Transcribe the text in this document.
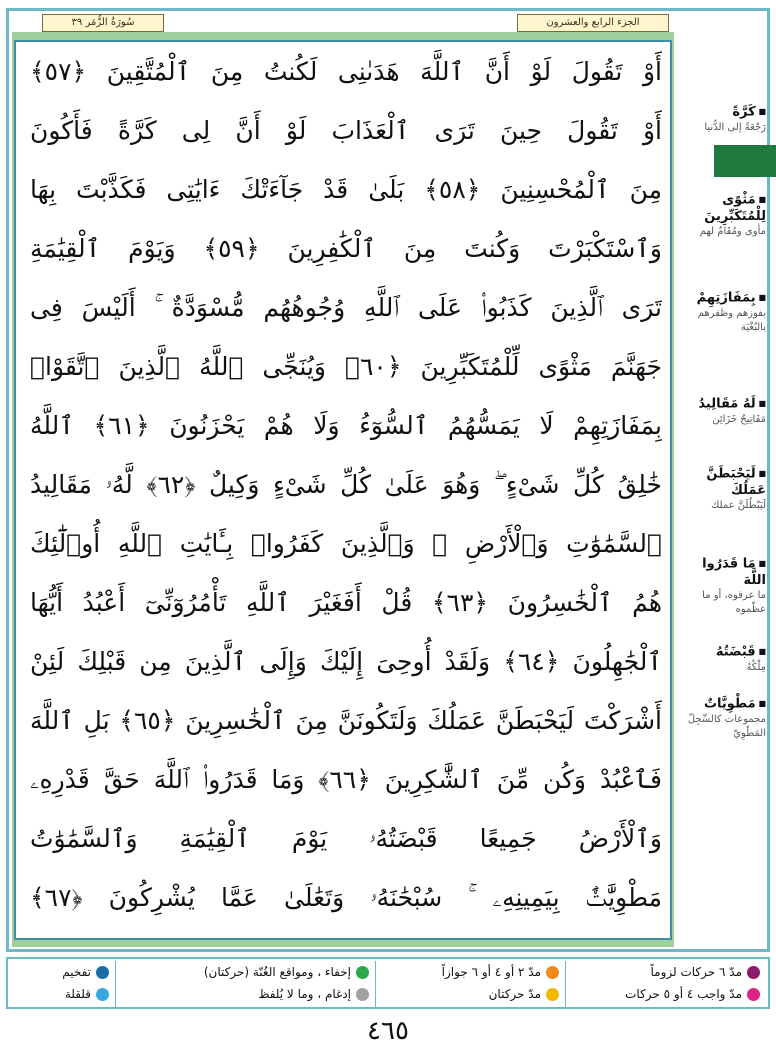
سُورَةُ الزُّمَر ٣٩	الجزء الرابع والعشرون
أَوْ تَقُولَ لَوْ أَنَّ ٱللَّهَ هَدَىٰنِى لَكُنتُ مِنَ ٱلْمُتَّقِينَ ﴿٥٧﴾
أَوْ تَقُولَ حِينَ تَرَى ٱلْعَذَابَ لَوْ أَنَّ لِى كَرَّةً فَأَكُونَ
مِنَ ٱلْمُحْسِنِينَ ﴿٥٨﴾ بَلَىٰ قَدْ جَآءَتْكَ ءَايَٰتِى فَكَذَّبْتَ بِهَا
وَٱسْتَكْبَرْتَ وَكُنتَ مِنَ ٱلْكَٰفِرِينَ ﴿٥٩﴾ وَيَوْمَ ٱلْقِيَٰمَةِ
تَرَى ٱلَّذِينَ كَذَبُوا۟ عَلَى ٱللَّهِ وُجُوهُهُم مُّسْوَدَّةٌ ۚ أَلَيْسَ فِى
جَهَنَّمَ مَثْوًى لِّلْمُتَكَبِّرِينَ ﴿٦٠﴾ وَيُنَجِّى ٱللَّهُ ٱلَّذِينَ ٱتَّقَوْا۟
بِمَفَازَتِهِمْ لَا يَمَسُّهُمُ ٱلسُّوٓءُ وَلَا هُمْ يَحْزَنُونَ ﴿٦١﴾ ٱللَّهُ
خَٰلِقُ كُلِّ شَىْءٍ ۖ وَهُوَ عَلَىٰ كُلِّ شَىْءٍ وَكِيلٌ ﴿٦٢﴾ لَّهُۥ مَقَالِيدُ
ٱلسَّمَٰوَٰتِ وَٱلْأَرْضِ ۗ وَٱلَّذِينَ كَفَرُوا۟ بِـَٔايَٰتِ ٱللَّهِ أُو۟لَٰٓئِكَ
هُمُ ٱلْخَٰسِرُونَ ﴿٦٣﴾ قُلْ أَفَغَيْرَ ٱللَّهِ تَأْمُرُوٓنِّىٓ أَعْبُدُ أَيُّهَا
ٱلْجَٰهِلُونَ ﴿٦٤﴾ وَلَقَدْ أُوحِىَ إِلَيْكَ وَإِلَى ٱلَّذِينَ مِن قَبْلِكَ لَئِنْ
أَشْرَكْتَ لَيَحْبَطَنَّ عَمَلُكَ وَلَتَكُونَنَّ مِنَ ٱلْخَٰسِرِينَ ﴿٦٥﴾ بَلِ ٱللَّهَ
فَٱعْبُدْ وَكُن مِّنَ ٱلشَّٰكِرِينَ ﴿٦٦﴾ وَمَا قَدَرُوا۟ ٱللَّهَ حَقَّ قَدْرِهِۦ
وَٱلْأَرْضُ جَمِيعًا قَبْضَتُهُۥ يَوْمَ ٱلْقِيَٰمَةِ وَٱلسَّمَٰوَٰتُ
مَطْوِيَّٰتٌۢ بِيَمِينِهِۦ ۚ سُبْحَٰنَهُۥ وَتَعَٰلَىٰ عَمَّا يُشْرِكُونَ ﴿٦٧﴾
■ كَرَّةً
رَجْعَةً إلى الدُّنيا
■ مَثْوًى لِلْمُتَكَبِّرِينَ
مأوى ومُقَامٌ لهم
■ بِمَفَازَتِهِمْ
بفوزهم وظفرهم بالبُغْيَة
■ لَهُ مَقَالِيدُ
مَفَاتِيحُ خَزَائِن
■ لَيَحْبَطَنَّ عَمَلُكَ
لَيَبْطُلَنَّ عملك
■ مَا قَدَرُوا اللَّهَ
ما عرفوه، أو ما عظّموه
■ قَبْضَتُهُ
مِلْكُهُ
■ مَطْوِيَّاتٌ
مجموعات كالسِّجِلّ المَطْوِيّ
مدّ ٦ حركات لزوماً
مدّ واجب ٤ أو ٥ حركات
مدّ ٢ أو ٤ أو ٦ جوازاً
مدّ حركتان
إخفاء ، ومواقع الغُنّة (حركتان)
إدغام ، وما لا يُلفظ
تفخيم
قلقلة
٤٦٥
